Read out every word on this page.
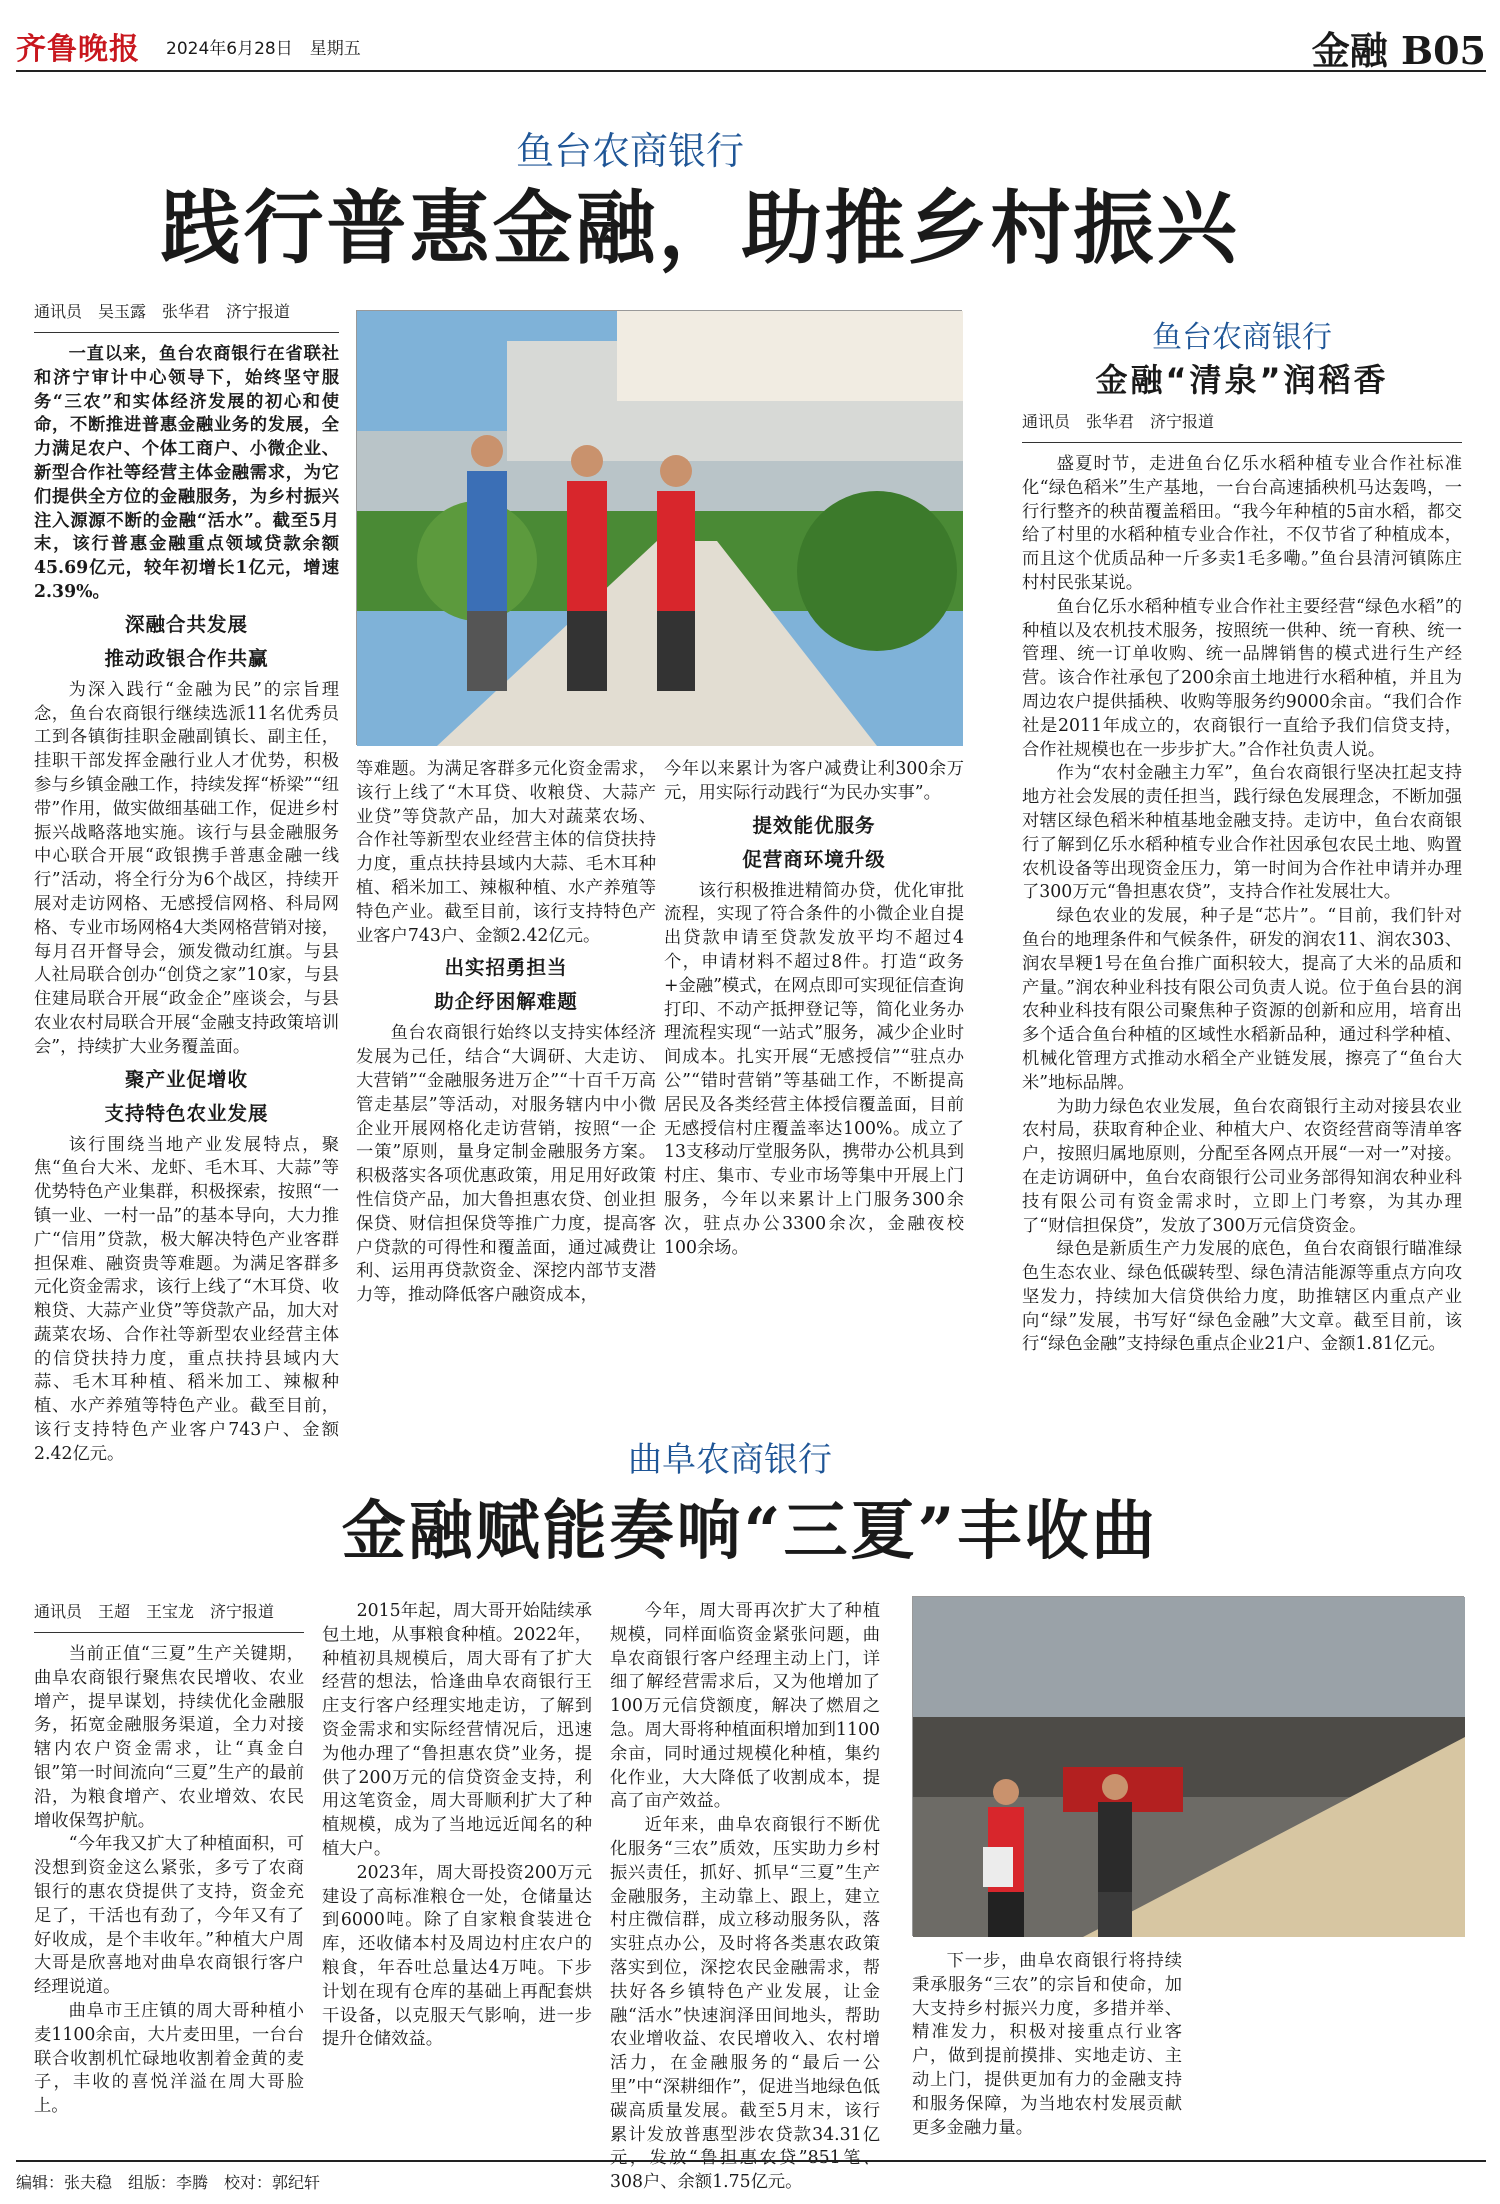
齐鲁晚报 2024年6月28日　星期五	金融 B05
鱼台农商银行
践行普惠金融，助推乡村振兴
通讯员　吴玉露　张华君　济宁报道

一直以来，鱼台农商银行在省联社和济宁审计中心领导下，始终坚守服务“三农”和实体经济发展的初心和使命，不断推进普惠金融业务的发展，全力满足农户、个体工商户、小微企业、新型合作社等经营主体金融需求，为它们提供全方位的金融服务，为乡村振兴注入源源不断的金融“活水”。截至5月末，该行普惠金融重点领域贷款余额45.69亿元，较年初增长1亿元，增速2.39%。

深融合共发展
推动政银合作共赢

为深入践行“金融为民”的宗旨理念，鱼台农商银行继续选派11名优秀员工到各镇街挂职金融副镇长、副主任，挂职干部发挥金融行业人才优势，积极参与乡镇金融工作，持续发挥“桥梁”“纽带”作用，做实做细基础工作，促进乡村振兴战略落地实施。该行与县金融服务中心联合开展“政银携手普惠金融一线行”活动，将全行分为6个战区，持续开展对走访网格、无感授信网格、科局网格、专业市场网格4大类网格营销对接，每月召开督导会，颁发微动红旗。与县人社局联合创办“创贷之家”10家，与县住建局联合开展“政金企”座谈会，与县农业农村局联合开展“金融支持政策培训会”，持续扩大业务覆盖面。

聚产业促增收
支持特色农业发展

该行围绕当地产业发展特点，聚焦“鱼台大米、龙虾、毛木耳、大蒜”等优势特色产业集群，积极探索，按照“一镇一业、一村一品”的基本导向，大力推广“信用”贷款，极大解决特色产业客群担保难、融资贵等难题。为满足客群多元化资金需求，该行上线了“木耳贷、收粮贷、大蒜产业贷”等贷款产品，加大对蔬菜农场、合作社等新型农业经营主体的信贷扶持力度，重点扶持县域内大蒜、毛木耳种植、稻米加工、辣椒种植、水产养殖等特色产业。截至目前，该行支持特色产业客户743户、金额2.42亿元。

等难题。为满足客群多元化资金需求，该行上线了“木耳贷、收粮贷、大蒜产业贷”等贷款产品，加大对蔬菜农场、合作社等新型农业经营主体的信贷扶持力度，重点扶持县域内大蒜、毛木耳种植、稻米加工、辣椒种植、水产养殖等特色产业。截至目前，该行支持特色产业客户743户、金额2.42亿元。

出实招勇担当
助企纾困解难题

鱼台农商银行始终以支持实体经济发展为己任，结合“大调研、大走访、大营销”“金融服务进万企”“十百千万高管走基层”等活动，对服务辖内中小微企业开展网格化走访营销，按照“一企一策”原则，量身定制金融服务方案。积极落实各项优惠政策，用足用好政策性信贷产品，加大鲁担惠农贷、创业担保贷、财信担保贷等推广力度，提高客户贷款的可得性和覆盖面，通过减费让利、运用再贷款资金、深挖内部节支潜力等，推动降低客户融资成本，

今年以来累计为客户减费让利300余万元，用实际行动践行“为民办实事”。

提效能优服务
促营商环境升级

该行积极推进精简办贷，优化审批流程，实现了符合条件的小微企业自提出贷款申请至贷款发放平均不超过4个，申请材料不超过8件。打造“政务+金融”模式，在网点即可实现征信查询打印、不动产抵押登记等，简化业务办理流程实现“一站式”服务，减少企业时间成本。扎实开展“无感授信”“驻点办公”“错时营销”等基础工作，不断提高居民及各类经营主体授信覆盖面，目前无感授信村庄覆盖率达100%。成立了13支移动厅堂服务队，携带办公机具到村庄、集市、专业市场等集中开展上门服务，今年以来累计上门服务300余次，驻点办公3300余次，金融夜校100余场。

鱼台农商银行
金融“清泉”润稻香
通讯员　张华君　济宁报道

盛夏时节，走进鱼台亿乐水稻种植专业合作社标准化“绿色稻米”生产基地，一台台高速插秧机马达轰鸣，一行行整齐的秧苗覆盖稻田。“我今年种植的5亩水稻，都交给了村里的水稻种植专业合作社，不仅节省了种植成本，而且这个优质品种一斤多卖1毛多嘞。”鱼台县清河镇陈庄村村民张某说。

鱼台亿乐水稻种植专业合作社主要经营“绿色水稻”的种植以及农机技术服务，按照统一供种、统一育秧、统一管理、统一订单收购、统一品牌销售的模式进行生产经营。该合作社承包了200余亩土地进行水稻种植，并且为周边农户提供插秧、收购等服务约9000余亩。“我们合作社是2011年成立的，农商银行一直给予我们信贷支持，合作社规模也在一步步扩大。”合作社负责人说。

作为“农村金融主力军”，鱼台农商银行坚决扛起支持地方社会发展的责任担当，践行绿色发展理念，不断加强对辖区绿色稻米种植基地金融支持。走访中，鱼台农商银行了解到亿乐水稻种植专业合作社因承包农民土地、购置农机设备等出现资金压力，第一时间为合作社申请并办理了300万元“鲁担惠农贷”，支持合作社发展壮大。

绿色农业的发展，种子是“芯片”。“目前，我们针对鱼台的地理条件和气候条件，研发的润农11、润农303、润农旱粳1号在鱼台推广面积较大，提高了大米的品质和产量。”润农种业科技有限公司负责人说。位于鱼台县的润农种业科技有限公司聚焦种子资源的创新和应用，培育出多个适合鱼台种植的区域性水稻新品种，通过科学种植、机械化管理方式推动水稻全产业链发展，擦亮了“鱼台大米”地标品牌。

为助力绿色农业发展，鱼台农商银行主动对接县农业农村局，获取育种企业、种植大户、农资经营商等清单客户，按照归属地原则，分配至各网点开展“一对一”对接。在走访调研中，鱼台农商银行公司业务部得知润农种业科技有限公司有资金需求时，立即上门考察，为其办理了“财信担保贷”，发放了300万元信贷资金。

绿色是新质生产力发展的底色，鱼台农商银行瞄准绿色生态农业、绿色低碳转型、绿色清洁能源等重点方向攻坚发力，持续加大信贷供给力度，助推辖区内重点产业向“绿”发展，书写好“绿色金融”大文章。截至目前，该行“绿色金融”支持绿色重点企业21户、金额1.81亿元。

曲阜农商银行
金融赋能奏响“三夏”丰收曲
通讯员　王超　王宝龙　济宁报道

当前正值“三夏”生产关键期，曲阜农商银行聚焦农民增收、农业增产，提早谋划，持续优化金融服务，拓宽金融服务渠道，全力对接辖内农户资金需求，让“真金白银”第一时间流向“三夏”生产的最前沿，为粮食增产、农业增效、农民增收保驾护航。

“今年我又扩大了种植面积，可没想到资金这么紧张，多亏了农商银行的惠农贷提供了支持，资金充足了，干活也有劲了，今年又有了好收成，是个丰收年。”种植大户周大哥是欣喜地对曲阜农商银行客户经理说道。

曲阜市王庄镇的周大哥种植小麦1100余亩，大片麦田里，一台台联合收割机忙碌地收割着金黄的麦子，丰收的喜悦洋溢在周大哥脸上。

2015年起，周大哥开始陆续承包土地，从事粮食种植。2022年，种植初具规模后，周大哥有了扩大经营的想法，恰逢曲阜农商银行王庄支行客户经理实地走访，了解到资金需求和实际经营情况后，迅速为他办理了“鲁担惠农贷”业务，提供了200万元的信贷资金支持，利用这笔资金，周大哥顺利扩大了种植规模，成为了当地远近闻名的种植大户。

2023年，周大哥投资200万元建设了高标准粮仓一处，仓储量达到6000吨。除了自家粮食装进仓库，还收储本村及周边村庄农户的粮食，年吞吐总量达4万吨。下步计划在现有仓库的基础上再配套烘干设备，以克服天气影响，进一步提升仓储效益。

今年，周大哥再次扩大了种植规模，同样面临资金紧张问题，曲阜农商银行客户经理主动上门，详细了解经营需求后，又为他增加了100万元信贷额度，解决了燃眉之急。周大哥将种植面积增加到1100余亩，同时通过规模化种植，集约化作业，大大降低了收割成本，提高了亩产效益。

近年来，曲阜农商银行不断优化服务“三农”质效，压实助力乡村振兴责任，抓好、抓早“三夏”生产金融服务，主动靠上、跟上，建立村庄微信群，成立移动服务队，落实驻点办公，及时将各类惠农政策落实到位，深挖农民金融需求，帮扶好各乡镇特色产业发展，让金融“活水”快速润泽田间地头，帮助农业增收益、农民增收入、农村增活力，在金融服务的“最后一公里”中“深耕细作”，促进当地绿色低碳高质量发展。截至5月末，该行累计发放普惠型涉农贷款34.31亿元，发放“鲁担惠农贷”851笔、308户、余额1.75亿元。

下一步，曲阜农商银行将持续秉承服务“三农”的宗旨和使命，加大支持乡村振兴力度，多措并举、精准发力，积极对接重点行业客户，做到提前摸排、实地走访、主动上门，提供更加有力的金融支持和服务保障，为当地农村发展贡献更多金融力量。

编辑：张夫稳　组版：李腾　校对：郭纪轩
